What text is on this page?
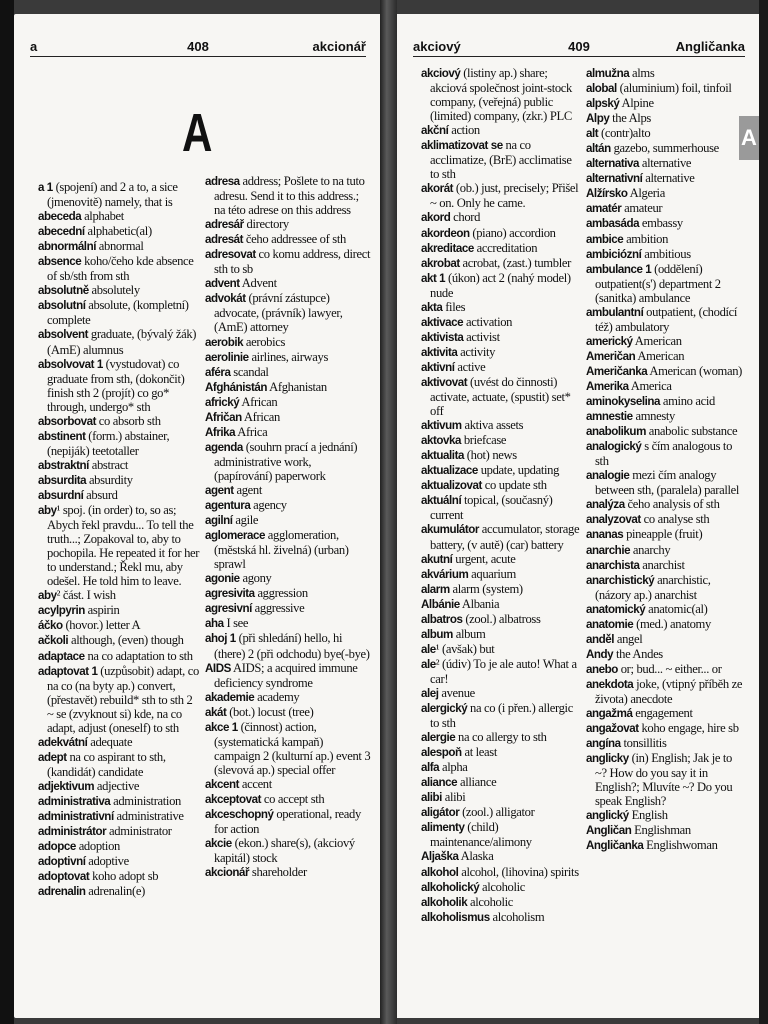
a	408	akcionář
A

a 1 (spojení) and 2 a to, a sice (jmenovitě) namely, that is

abeceda alphabet

abecední alphabetic(al)

abnormální abnormal

absence koho/čeho kde absence of sb/sth from sth

absolutně absolutely

absolutní absolute, (kompletní) complete

absolvent graduate, (bývalý žák) (AmE) alumnus

absolvovat 1 (vystudovat) co graduate from sth, (dokončit) finish sth 2 (projít) co go* through, undergo* sth

absorbovat co absorb sth

abstinent (form.) abstainer, (nepiják) teetotaller

abstraktní abstract

absurdita absurdity

absurdní absurd

aby¹ spoj. (in order) to, so as; Abych řekl pravdu... To tell the truth...; Zopakoval to, aby to pochopila. He repeated it for her to understand.; Řekl mu, aby odešel. He told him to leave.

aby² část. I wish

acylpyrin aspirin

áčko (hovor.) letter A

ačkoli although, (even) though

adaptace na co adaptation to sth

adaptovat 1 (uzpůsobit) adapt, co na co (na byty ap.) convert, (přestavět) rebuild* sth to sth 2 ~ se (zvyknout si) kde, na co adapt, adjust (oneself) to sth

adekvátní adequate

adept na co aspirant to sth, (kandidát) candidate

adjektivum adjective

administrativa administration

administrativní administrative

administrátor administrator

adopce adoption

adoptivní adoptive

adoptovat koho adopt sb

adrenalin adrenalin(e)

adresa address; Pošlete to na tuto adresu. Send it to this address.; na této adrese on this address

adresář directory

adresát čeho addressee of sth

adresovat co komu address, direct sth to sb

advent Advent

advokát (právní zástupce) advocate, (právník) lawyer, (AmE) attorney

aerobik aerobics

aerolinie airlines, airways

aféra scandal

Afghánistán Afghanistan

africký African

Afričan African

Afrika Africa

agenda (souhrn prací a jednání) administrative work, (papírování) paperwork

agent agent

agentura agency

agilní agile

aglomerace agglomeration, (městská hl. živelná) (urban) sprawl

agonie agony

agresivita aggression

agresivní aggressive

aha I see

ahoj 1 (při shledání) hello, hi (there) 2 (při odchodu) bye(-bye)

AIDS AIDS; a acquired immune deficiency syndrome

akademie academy

akát (bot.) locust (tree)

akce 1 (činnost) action, (systematická kampaň) campaign 2 (kulturní ap.) event 3 (slevová ap.) special offer

akcent accent

akceptovat co accept sth

akceschopný operational, ready for action

akcie (ekon.) share(s), (akciový kapitál) stock

akcionář shareholder

akciový	409	Angličanka
A

akciový (listiny ap.) share; akciová společnost joint-stock company, (veřejná) public (limited) company, (zkr.) PLC

akční action

aklimatizovat se na co acclimatize, (BrE) acclimatise to sth

akorát (ob.) just, precisely; Přišel ~ on. Only he came.

akord chord

akordeon (piano) accordion

akreditace accreditation

akrobat acrobat, (zast.) tumbler

akt 1 (úkon) act 2 (nahý model) nude

akta files

aktivace activation

aktivista activist

aktivita activity

aktivní active

aktivovat (uvést do činnosti) activate, actuate, (spustit) set* off

aktivum aktiva assets

aktovka briefcase

aktualita (hot) news

aktualizace update, updating

aktualizovat co update sth

aktuální topical, (současný) current

akumulátor accumulator, storage battery, (v autě) (car) battery

akutní urgent, acute

akvárium aquarium

alarm alarm (system)

Albánie Albania

albatros (zool.) albatross

album album

ale¹ (avšak) but

ale² (údiv) To je ale auto! What a car!

alej avenue

alergický na co (i přen.) allergic to sth

alergie na co allergy to sth

alespoň at least

alfa alpha

aliance alliance

alibi alibi

aligátor (zool.) alligator

alimenty (child) maintenance/alimony

Aljaška Alaska

alkohol alcohol, (lihovina) spirits

alkoholický alcoholic

alkoholik alcoholic

alkoholismus alcoholism

almužna alms

alobal (aluminium) foil, tinfoil

alpský Alpine

Alpy the Alps

alt (contr)alto

altán gazebo, summerhouse

alternativa alternative

alternativní alternative

Alžírsko Algeria

amatér amateur

ambasáda embassy

ambice ambition

ambiciózní ambitious

ambulance 1 (oddělení) outpatient(s') department 2 (sanitka) ambulance

ambulantní outpatient, (chodící též) ambulatory

americký American

Američan American

Američanka American (woman)

Amerika America

aminokyselina amino acid

amnestie amnesty

anabolikum anabolic substance

analogický s čím analogous to sth

analogie mezi čím analogy between sth, (paralela) parallel

analýza čeho analysis of sth

analyzovat co analyse sth

ananas pineapple (fruit)

anarchie anarchy

anarchista anarchist

anarchistický anarchistic, (názory ap.) anarchist

anatomický anatomic(al)

anatomie (med.) anatomy

anděl angel

Andy the Andes

anebo or; bud... ~ either... or

anekdota joke, (vtipný příběh ze života) anecdote

angažmá engagement

angažovat koho engage, hire sb

angína tonsillitis

anglicky (in) English; Jak je to ~? How do you say it in English?; Mluvíte ~? Do you speak English?

anglický English

Angličan Englishman

Angličanka Englishwoman
